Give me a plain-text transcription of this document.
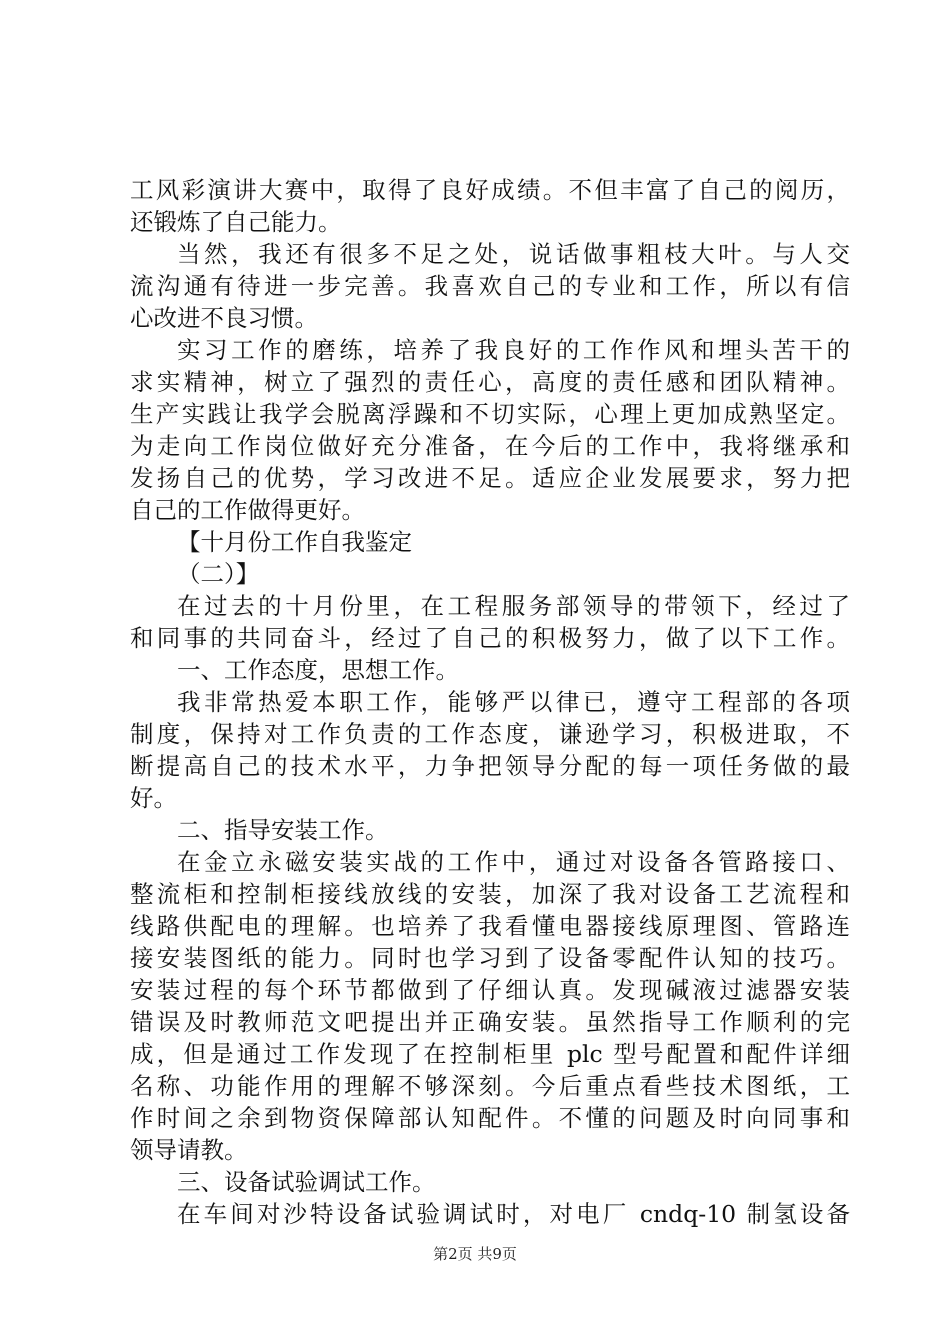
工风彩演讲大赛中，取得了良好成绩。不但丰富了自己的阅历，
还锻炼了自己能力。
当然，我还有很多不足之处，说话做事粗枝大叶。与人交
流沟通有待进一步完善。我喜欢自己的专业和工作，所以有信
心改进不良习惯。
实习工作的磨练，培养了我良好的工作作风和埋头苦干的
求实精神，树立了强烈的责任心，高度的责任感和团队精神。
生产实践让我学会脱离浮躁和不切实际，心理上更加成熟坚定。
为走向工作岗位做好充分准备，在今后的工作中，我将继承和
发扬自己的优势，学习改进不足。适应企业发展要求，努力把
自己的工作做得更好。
【十月份工作自我鉴定
（二）】
在过去的十月份里，在工程服务部领导的带领下，经过了
和同事的共同奋斗，经过了自己的积极努力，做了以下工作。
一、工作态度，思想工作。
我非常热爱本职工作，能够严以律已，遵守工程部的各项
制度，保持对工作负责的工作态度，谦逊学习，积极进取，不
断提高自己的技术水平，力争把领导分配的每一项任务做的最
好。
二、指导安装工作。
在金立永磁安装实战的工作中，通过对设备各管路接口、
整流柜和控制柜接线放线的安装，加深了我对设备工艺流程和
线路供配电的理解。也培养了我看懂电器接线原理图、管路连
接安装图纸的能力。同时也学习到了设备零配件认知的技巧。
安装过程的每个环节都做到了仔细认真。发现碱液过滤器安装
错误及时教师范文吧提出并正确安装。虽然指导工作顺利的完
成，但是通过工作发现了在控制柜里 plc 型号配置和配件详细
名称、功能作用的理解不够深刻。今后重点看些技术图纸，工
作时间之余到物资保障部认知配件。不懂的问题及时向同事和
领导请教。
三、设备试验调试工作。
在车间对沙特设备试验调试时，对电厂 cndq-10 制氢设备
第2页 共9页
